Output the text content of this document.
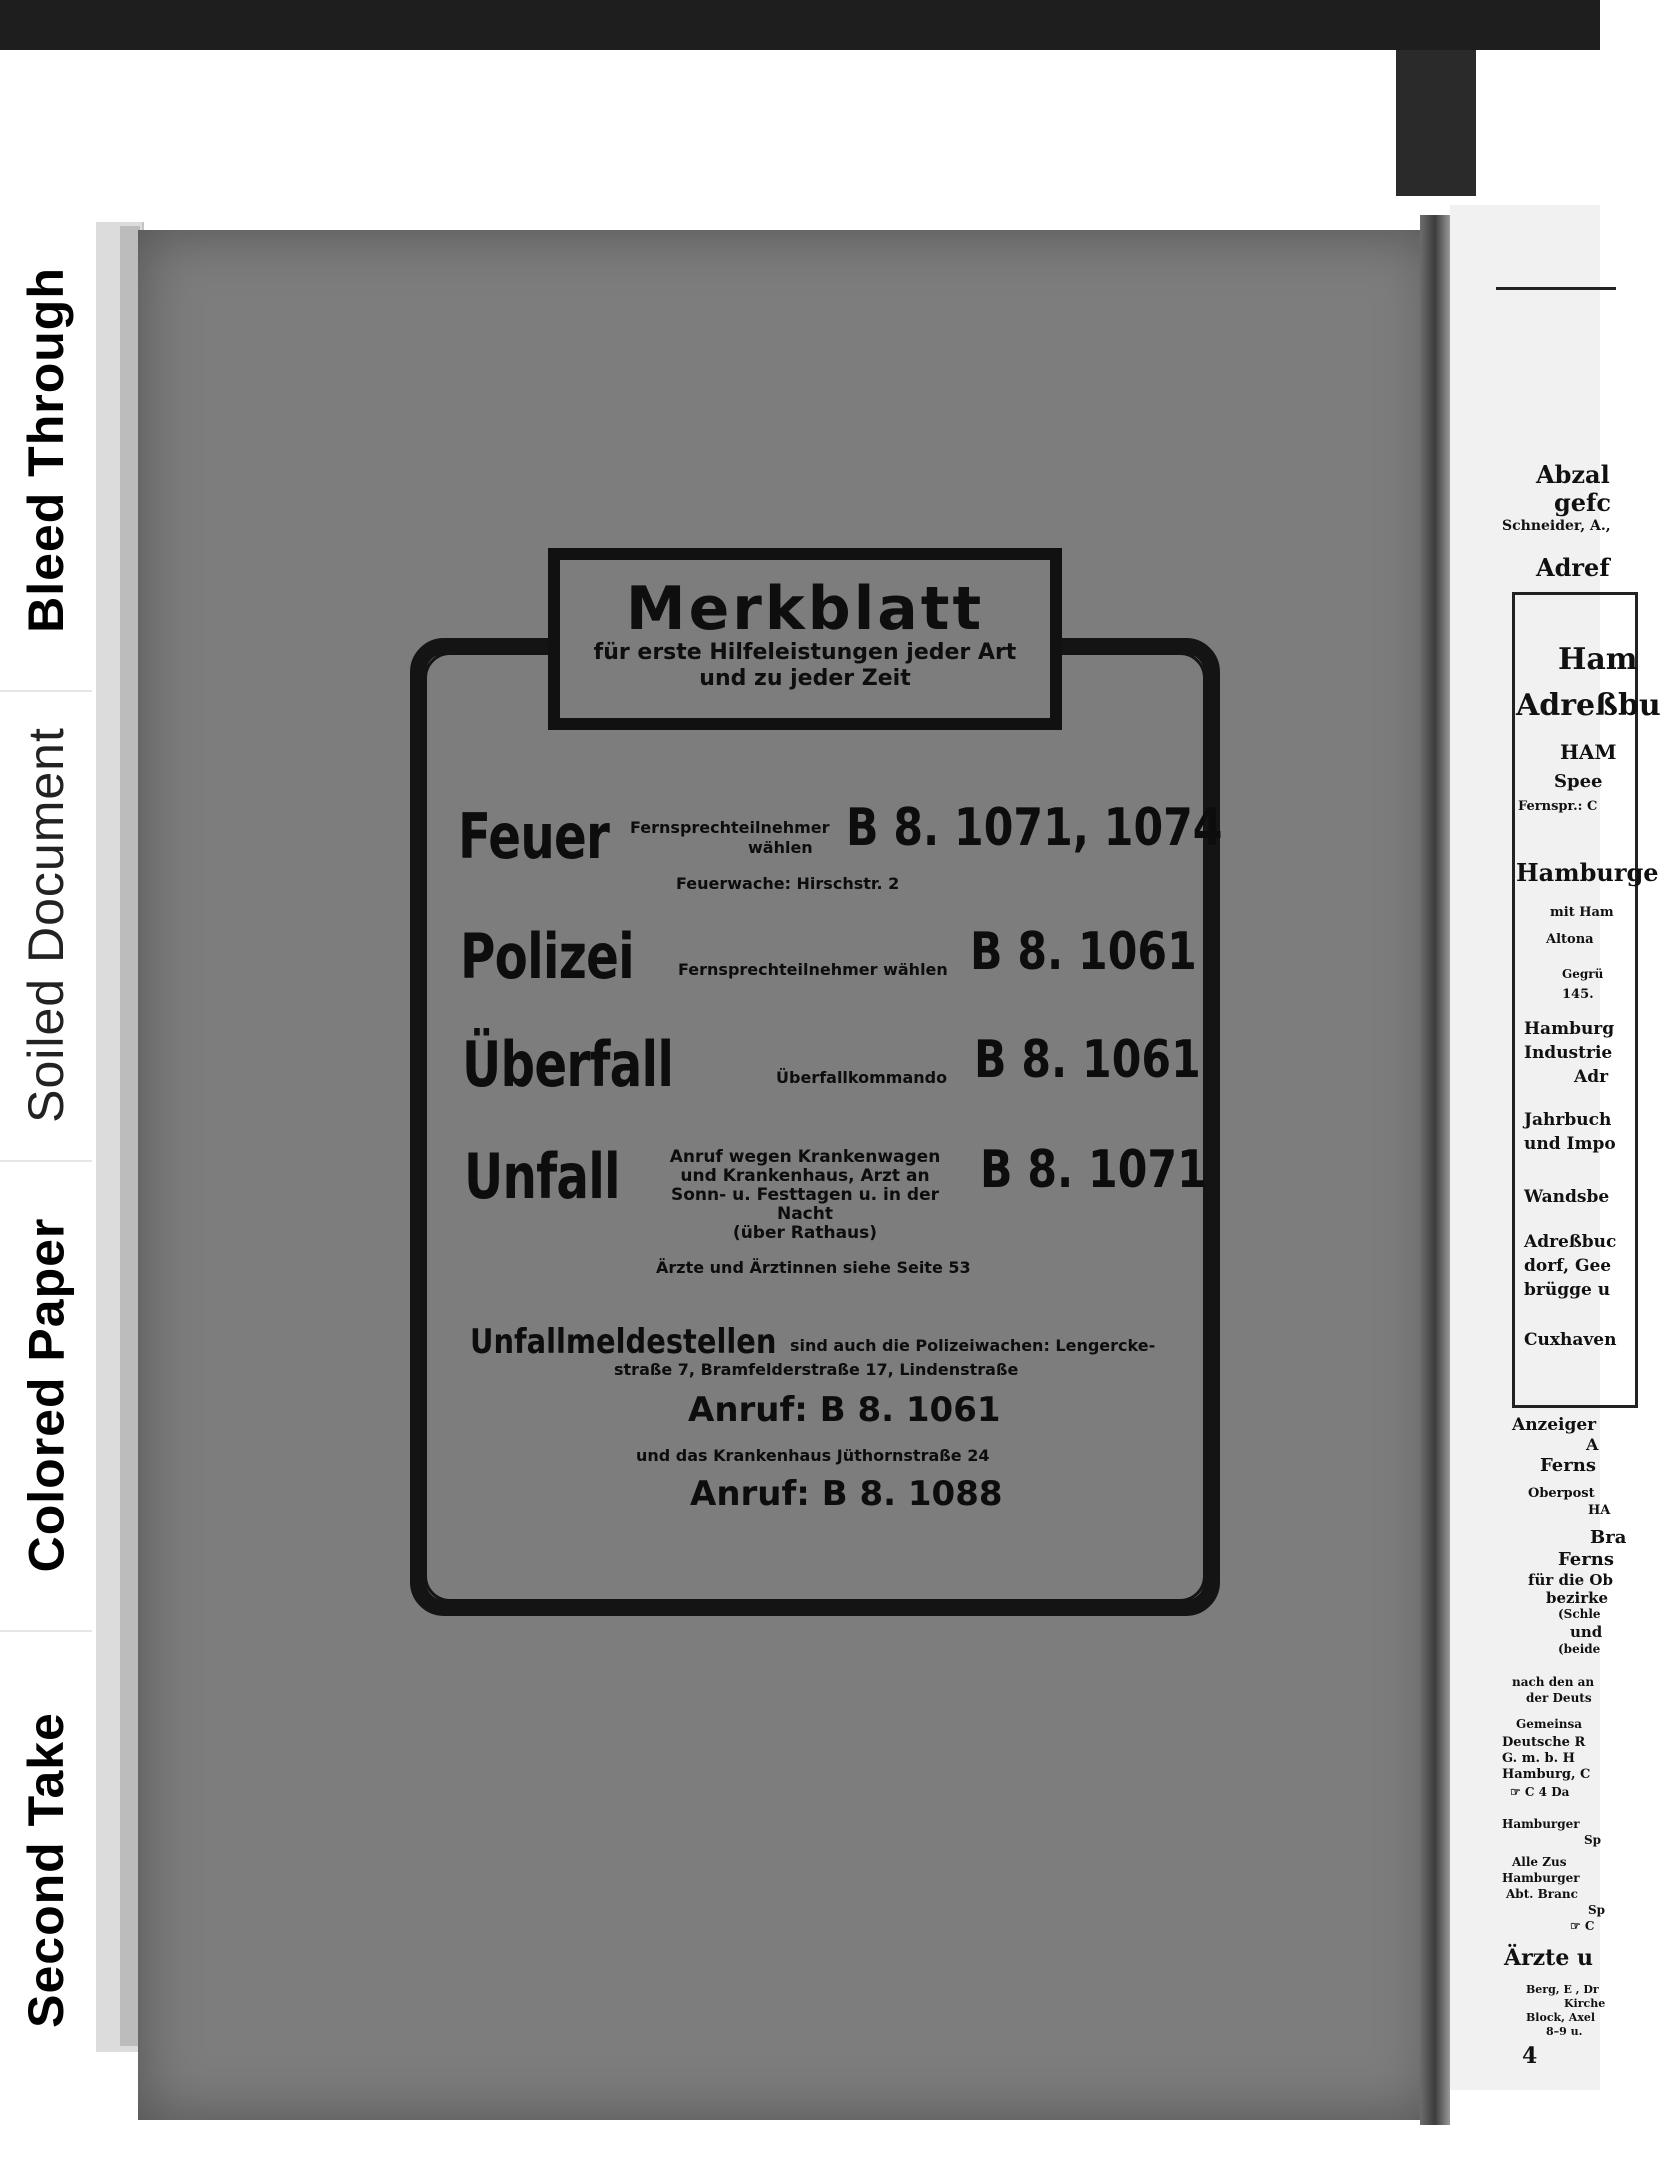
Bleed Through
Soiled Document
Colored Paper
Second Take
Abzal
gefc
Schneider, A.,
Adref
Ham
Adreßbu
HAM
Spee
Fernspr.: C
Hamburge
mit Ham
Altona
Gegrü
145.
Hamburg
Industrie
Adr
Jahrbuch
und Impo
Wandsbe
Adreßbuc
dorf, Gee
brügge u
Cuxhaven
Anzeiger
A
Ferns
Oberpost
HA
Bra
Ferns
für die Ob
bezirke
(Schle
und
(beide
nach den an
der Deuts
Gemeinsa
Deutsche R
G. m. b. H
Hamburg, C
☞ C 4 Da
Hamburger
Sp
Alle Zus
Hamburger
Abt. Branc
Sp
☞ C
Ärzte u
Berg, E , Dr
Kirche
Block, Axel
8–9 u.
4
Merkblatt
für erste Hilfeleistungen jeder Art
und zu jeder Zeit
Feuer Fernsprechteilnehmer
wählen B 8. 1071, 1074
Feuerwache: Hirschstr. 2
Polizei	Fernsprechteilnehmer wählen B 8. 1061
Überfall	Überfallkommando B 8. 1061
Unfall	Anruf wegen Krankenwagen
und Krankenhaus, Arzt an
Sonn- u. Festtagen u. in der Nacht
(über Rathaus)
B 8. 1071
Ärzte und Ärztinnen siehe Seite 53
Unfallmeldestellen sind auch die Polizeiwachen: Lengercke-
straße 7, Bramfelderstraße 17, Lindenstraße
Anruf: B 8. 1061
und das Krankenhaus Jüthornstraße 24
Anruf: B 8. 1088
